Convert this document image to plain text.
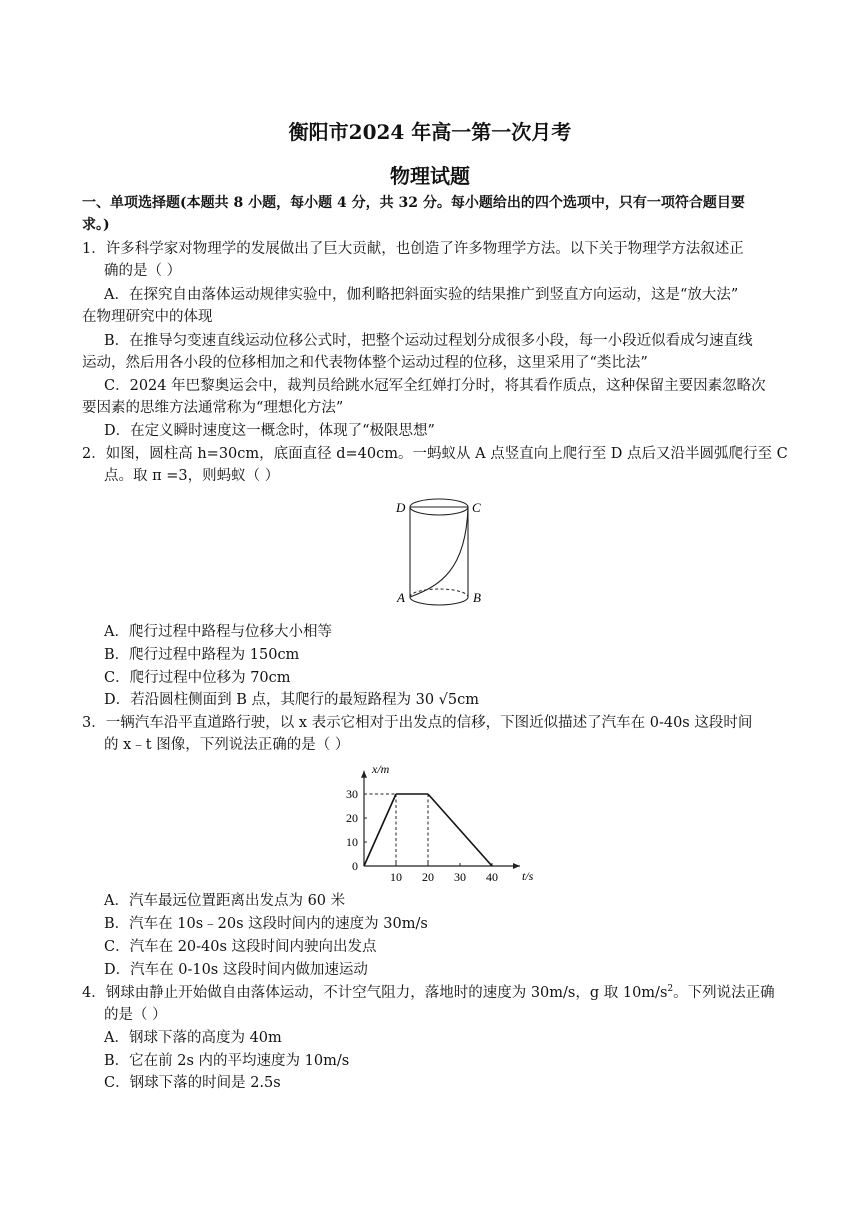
衡阳市2024 年高一第一次月考
物理试题
一、单项选择题(本题共 8 小题，每小题 4 分，共 32 分。每小题给出的四个选项中，只有一项符合题目要
求。)
1．许多科学家对物理学的发展做出了巨大贡献，也创造了许多物理学方法。以下关于物理学方法叙述正
确的是（ ）
A．在探究自由落体运动规律实验中，伽利略把斜面实验的结果推广到竖直方向运动，这是“放大法”
在物理研究中的体现
B．在推导匀变速直线运动位移公式时，把整个运动过程划分成很多小段，每一小段近似看成匀速直线
运动，然后用各小段的位移相加之和代表物体整个运动过程的位移，这里采用了“类比法”
C．2024 年巴黎奥运会中，裁判员给跳水冠军全红婵打分时，将其看作质点，这种保留主要因素忽略次
要因素的思维方法通常称为“理想化方法”
D．在定义瞬时速度这一概念时，体现了“极限思想”
2．如图，圆柱高 h=30cm，底面直径 d=40cm。一蚂蚁从 A 点竖直向上爬行至 D 点后又沿半圆弧爬行至 C
点。取 π =3，则蚂蚁（ ）
D	C
A	B
A．爬行过程中路程与位移大小相等
B．爬行过程中路程为 150cm
C．爬行过程中位移为 70cm
D．若沿圆柱侧面到 B 点，其爬行的最短路程为 30 √5cm
3．一辆汽车沿平直道路行驶，以 x 表示它相对于出发点的信移，下图近似描述了汽车在 0-40s 这段时间
的 x﹣t 图像，下列说法正确的是（ ）
x/m
t/s
10 20 30 40
0
10
20
30
A．汽车最远位置距离出发点为 60 米
B．汽车在 10s﹣20s 这段时间内的速度为 30m/s
C．汽车在 20-40s 这段时间内驶向出发点
D．汽车在 0-10s 这段时间内做加速运动
4．钢球由静止开始做自由落体运动，不计空气阻力，落地时的速度为 30m/s，g 取 $10m/s^2$。下列说法正确
的是（ ）
A．钢球下落的高度为 40m
B．它在前 2s 内的平均速度为 10m/s
C．钢球下落的时间是 2.5s
